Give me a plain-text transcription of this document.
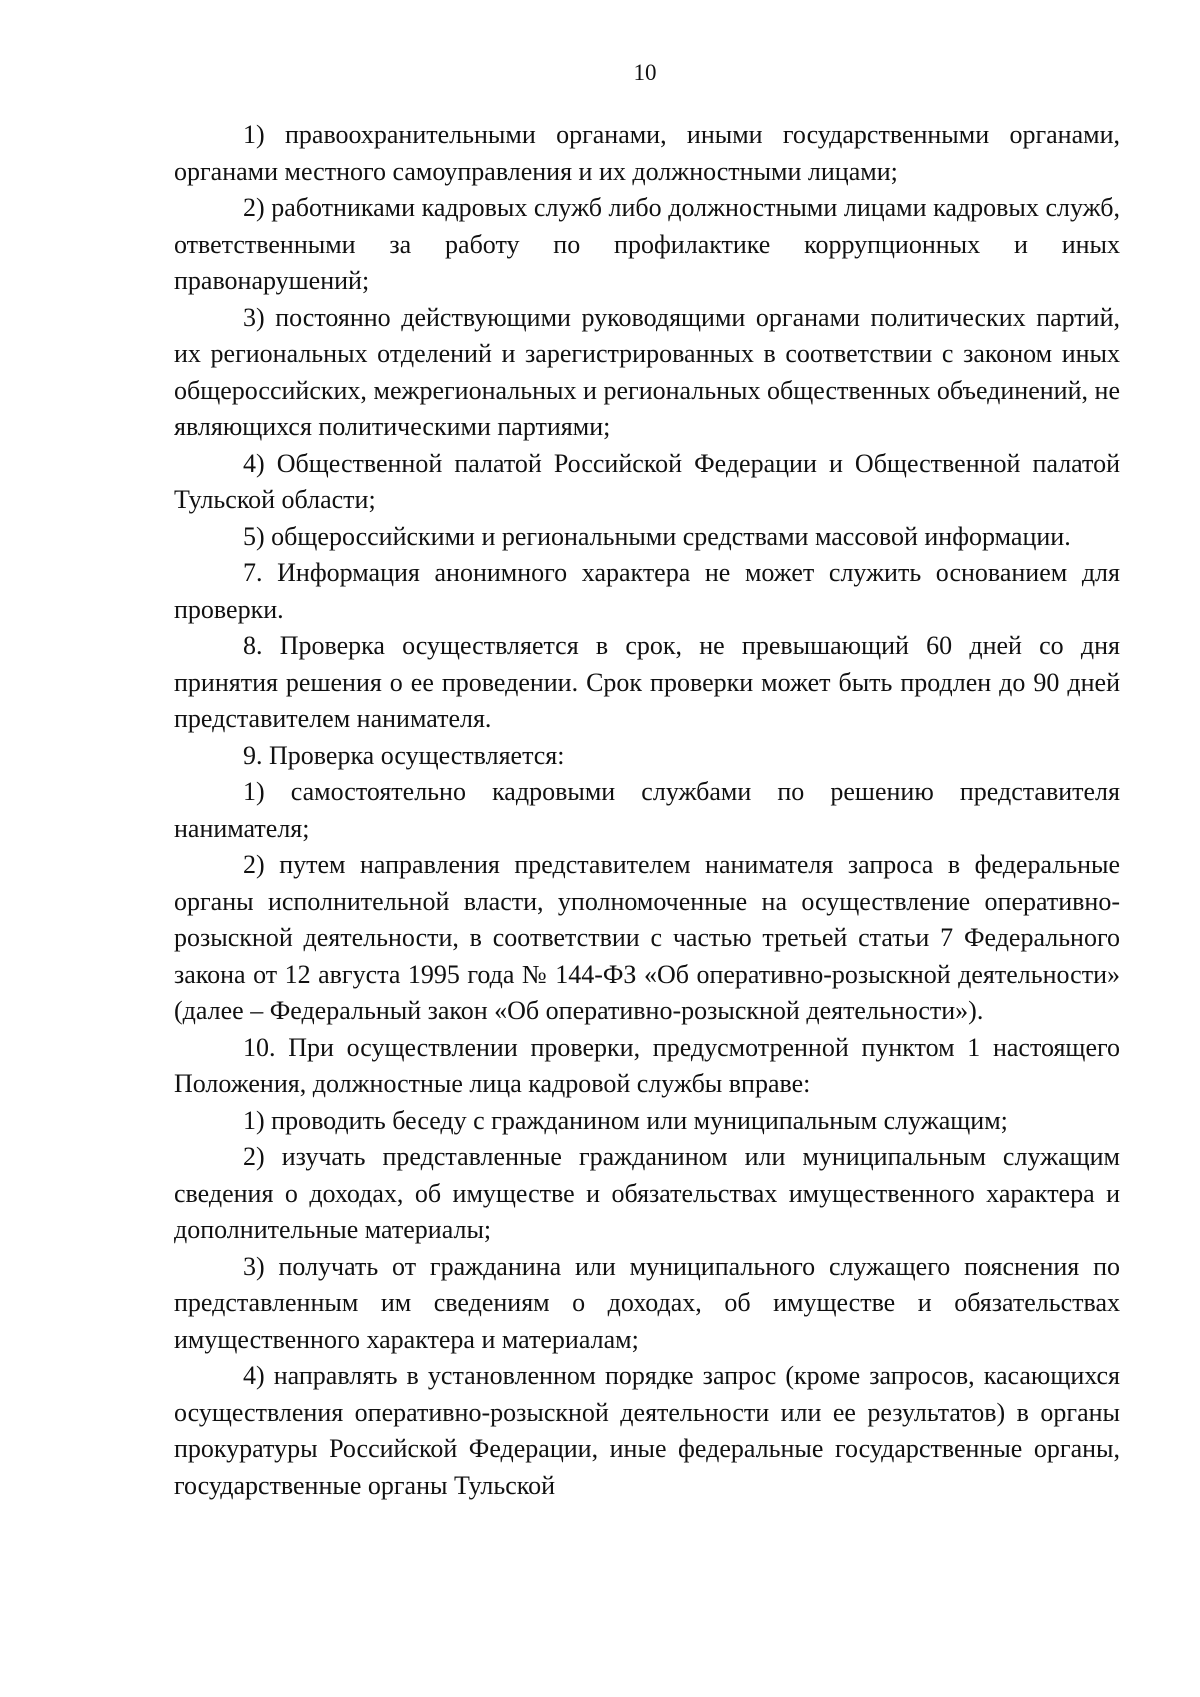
10

1) правоохранительными органами, иными государственными органами, органами местного самоуправления и их должностными лицами;

2) работниками кадровых служб либо должностными лицами кадровых служб, ответственными за работу по профилактике коррупционных и иных правонарушений;

3) постоянно действующими руководящими органами политических партий, их региональных отделений и зарегистрированных в соответствии с законом иных общероссийских, межрегиональных и региональных общественных объединений, не являющихся политическими партиями;

4) Общественной палатой Российской Федерации и Общественной палатой Тульской области;

5) общероссийскими и региональными средствами массовой информации.

7. Информация анонимного характера не может служить основанием для проверки.

8. Проверка осуществляется в срок, не превышающий 60 дней со дня принятия решения о ее проведении. Срок проверки может быть продлен до 90 дней представителем нанимателя.

9. Проверка осуществляется:

1) самостоятельно кадровыми службами по решению представителя нанимателя;

2) путем направления представителем нанимателя запроса в федеральные органы исполнительной власти, уполномоченные на осуществление оперативно-розыскной деятельности, в соответствии с частью третьей статьи 7 Федерального закона от 12 августа 1995 года № 144-ФЗ «Об оперативно-розыскной деятельности» (далее – Федеральный закон «Об оперативно-розыскной деятельности»).

10. При осуществлении проверки, предусмотренной пунктом 1 настоящего Положения, должностные лица кадровой службы вправе:

1) проводить беседу с гражданином или муниципальным служащим;

2) изучать представленные гражданином или муниципальным служащим сведения о доходах, об имуществе и обязательствах имущественного характера и дополнительные материалы;

3) получать от гражданина или муниципального служащего пояснения по представленным им сведениям о доходах, об имуществе и обязательствах имущественного характера и материалам;

4) направлять в установленном порядке запрос (кроме запросов, касающихся осуществления оперативно-розыскной деятельности или ее результатов) в органы прокуратуры Российской Федерации, иные федеральные государственные органы, государственные органы Тульской
